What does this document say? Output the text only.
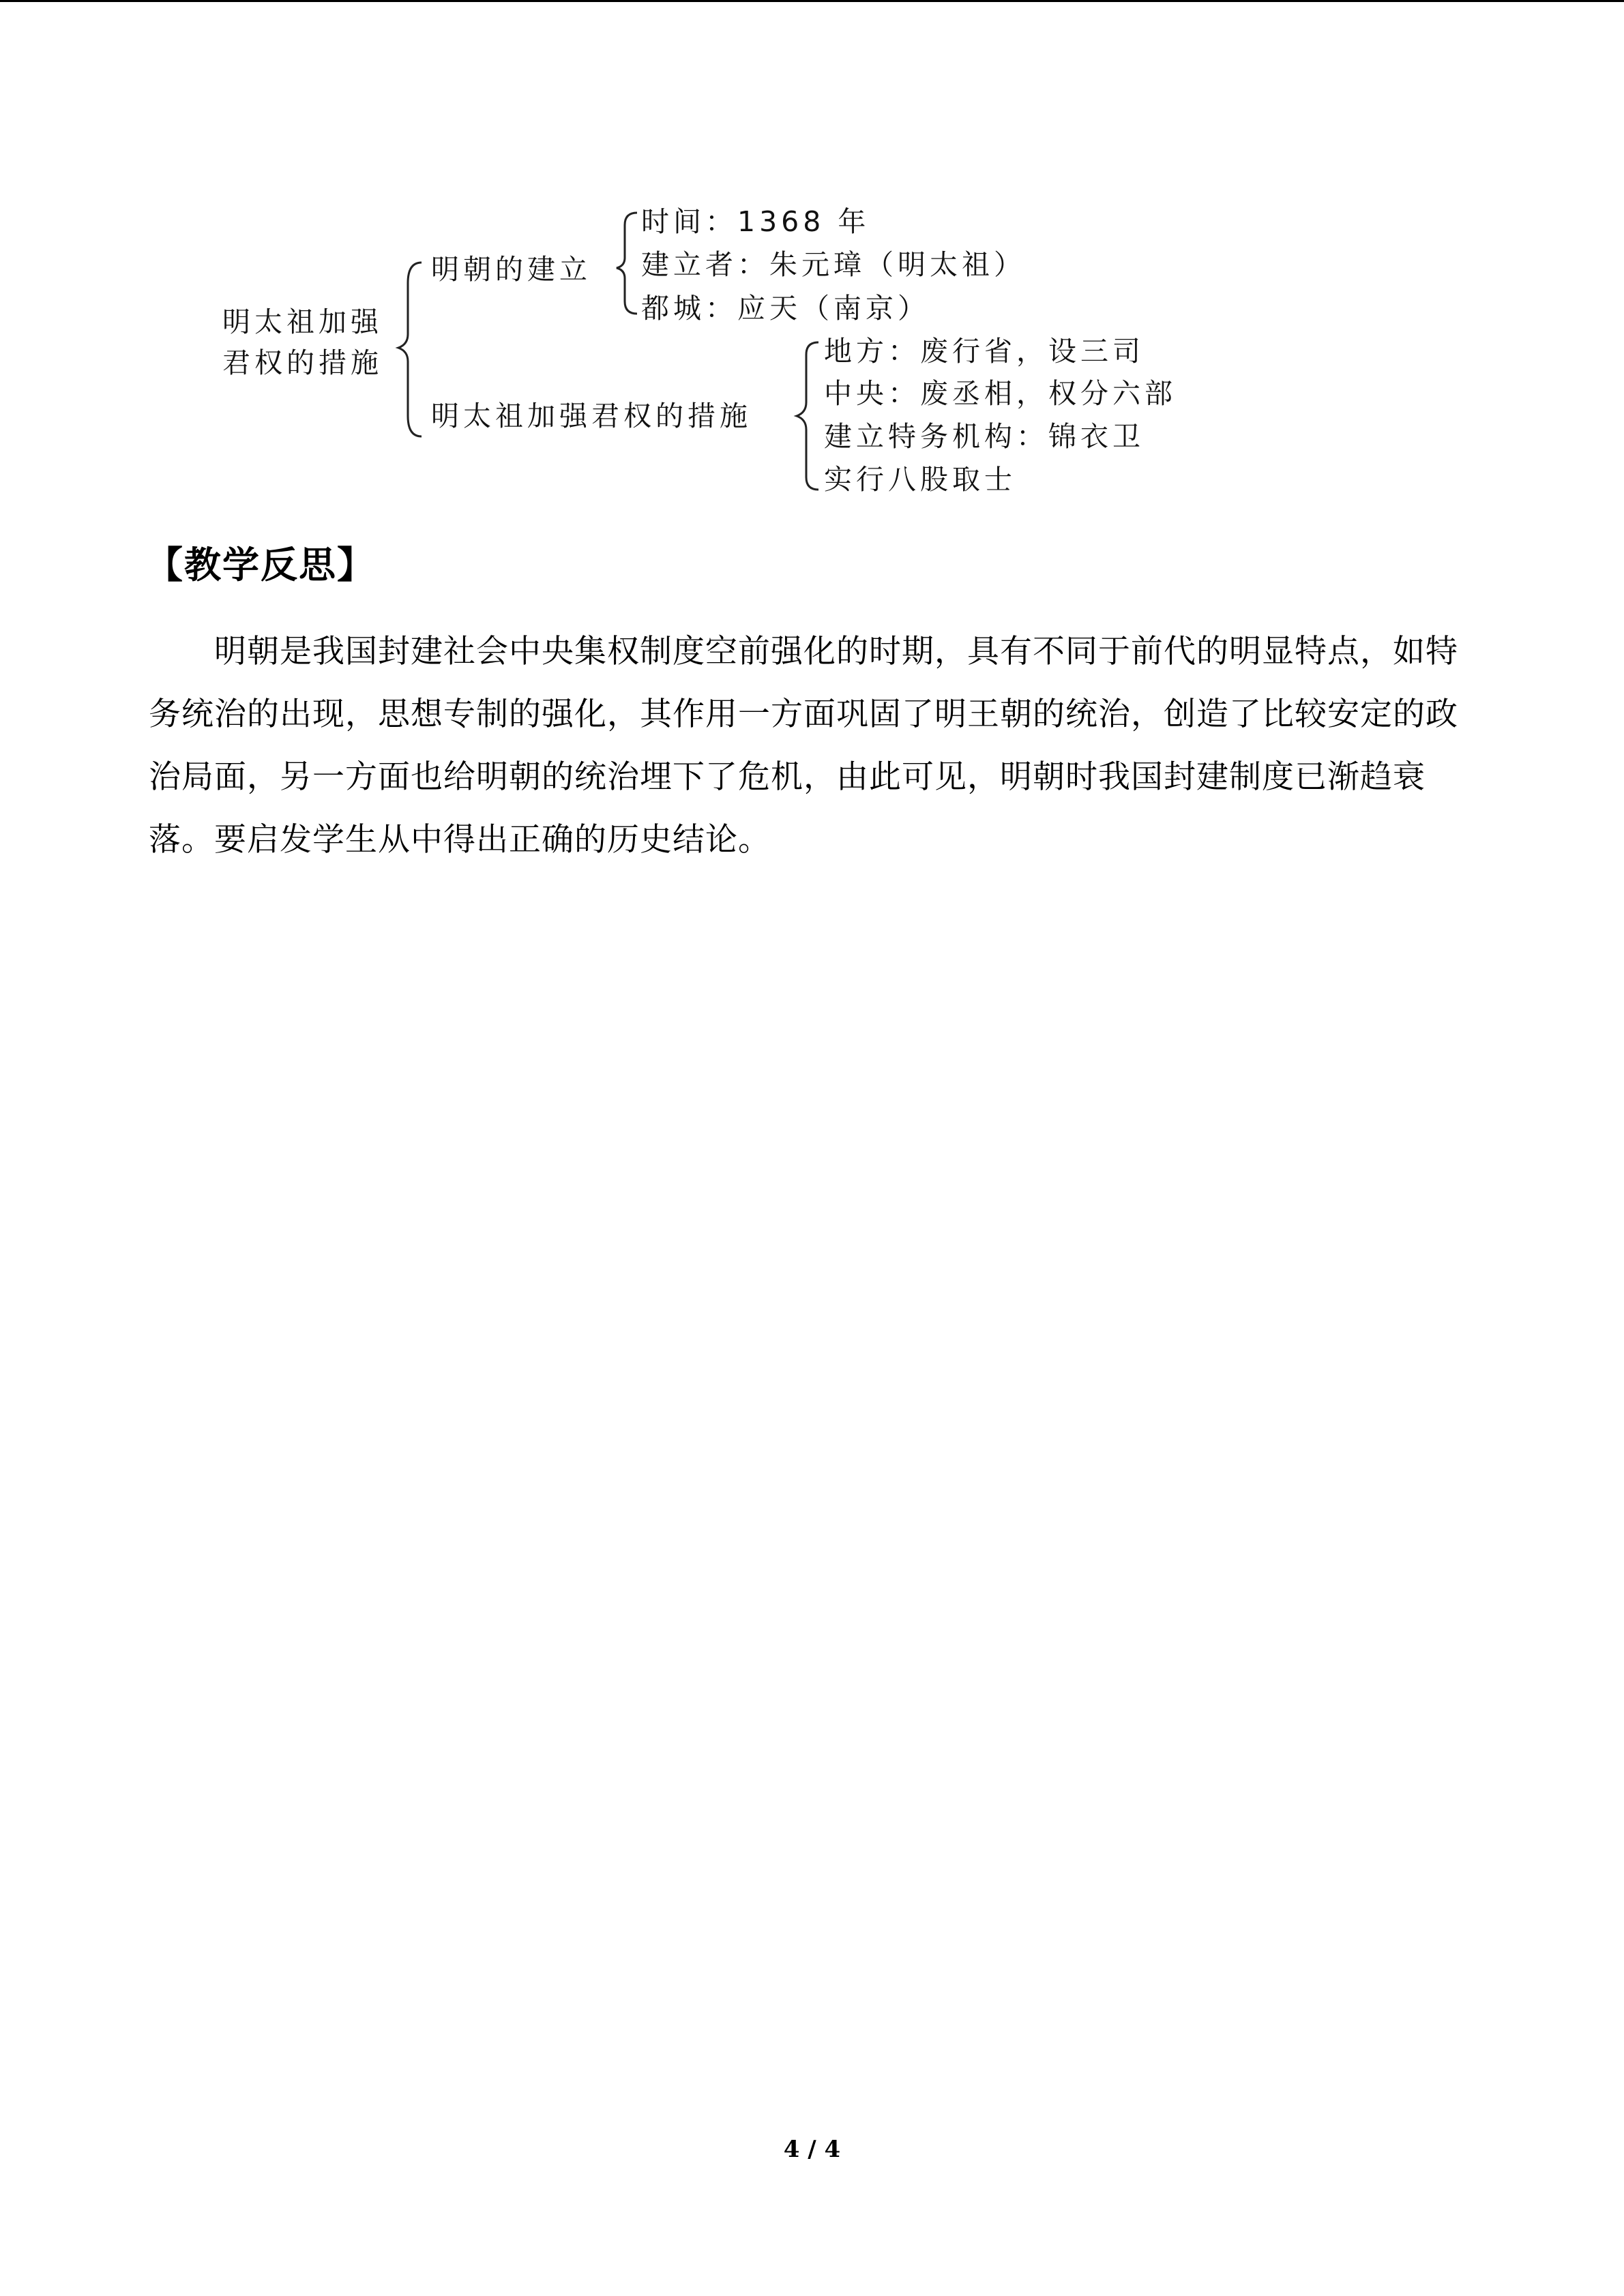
明太祖加强
君权的措施
明朝的建立
时间：1368 年
建立者：朱元璋（明太祖）
都城：应天（南京）
明太祖加强君权的措施
地方：废行省，设三司
中央：废丞相，权分六部
建立特务机构：锦衣卫
实行八股取士
【教学反思】

明朝是我国封建社会中央集权制度空前强化的时期，具有不同于前代的明显特点，如特务统治的出现，思想专制的强化，其作用一方面巩固了明王朝的统治，创造了比较安定的政治局面，另一方面也给明朝的统治埋下了危机，由此可见，明朝时我国封建制度已渐趋衰落。要启发学生从中得出正确的历史结论。

4 / 4
